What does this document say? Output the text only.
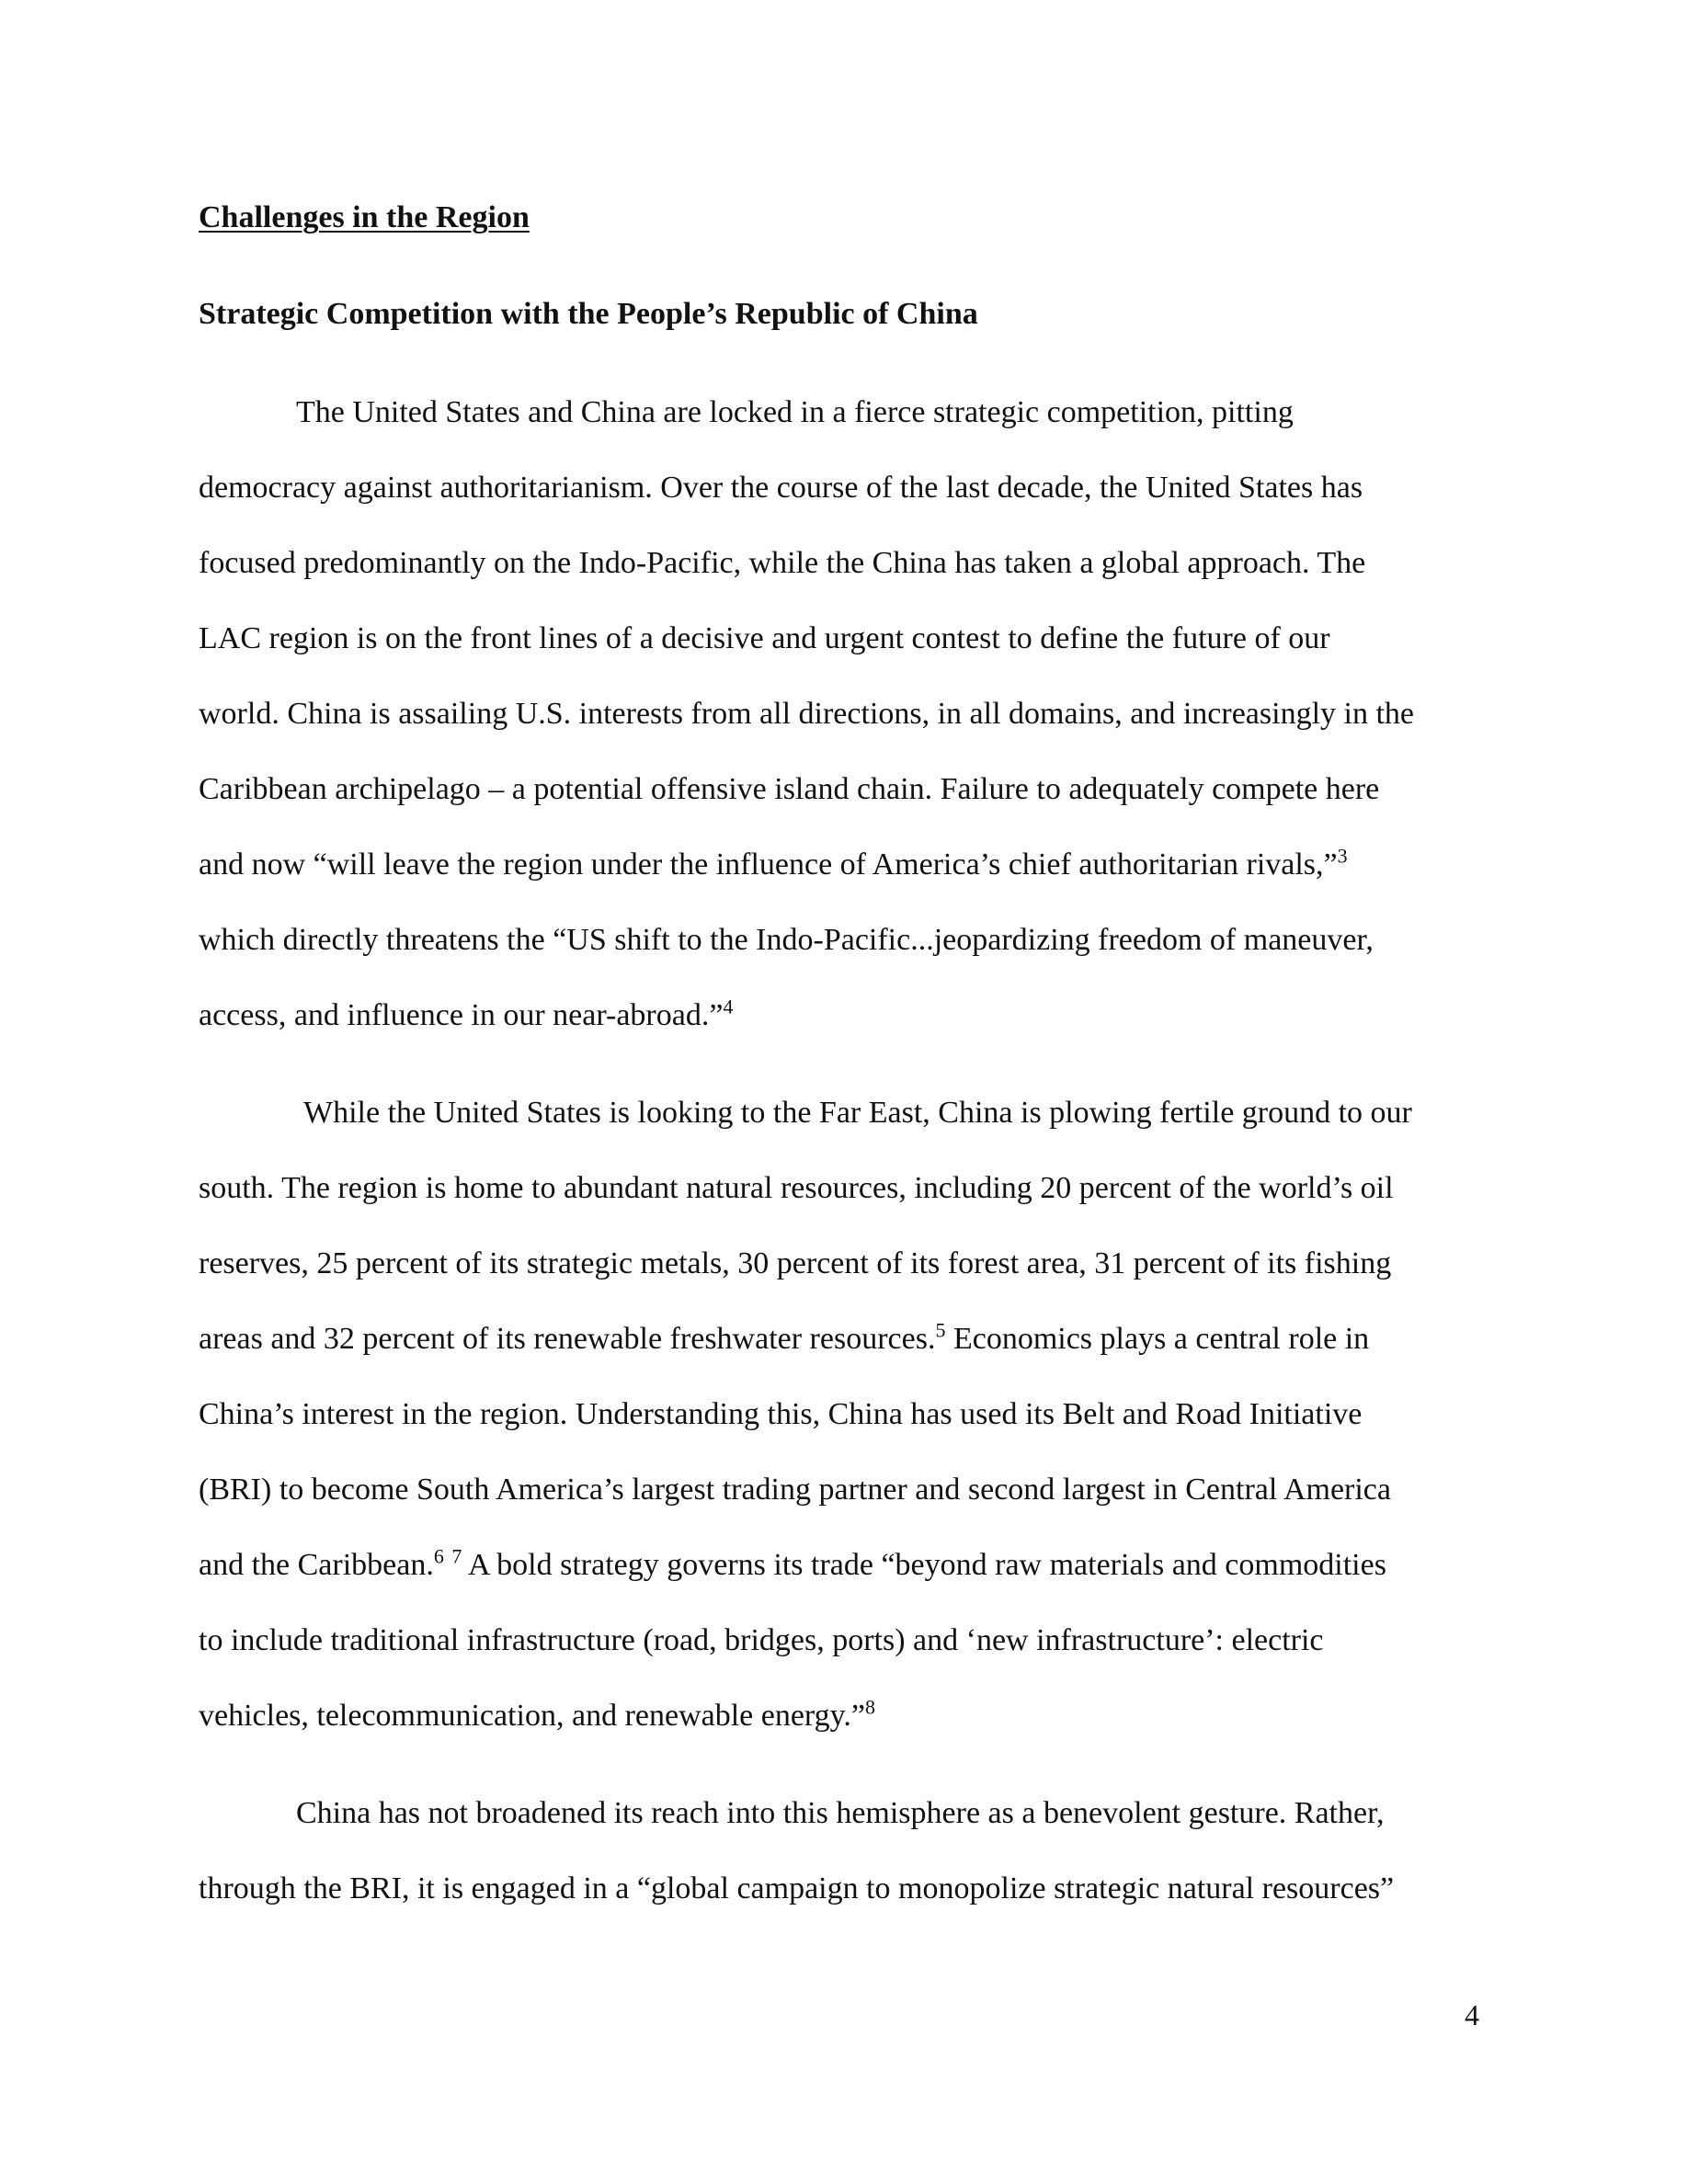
Challenges in the Region
Strategic Competition with the People’s Republic of China
The United States and China are locked in a fierce strategic competition, pitting
democracy against authoritarianism. Over the course of the last decade, the United States has
focused predominantly on the Indo-Pacific, while the China has taken a global approach. The
LAC region is on the front lines of a decisive and urgent contest to define the future of our
world. China is assailing U.S. interests from all directions, in all domains, and increasingly in the
Caribbean archipelago – a potential offensive island chain. Failure to adequately compete here
and now “will leave the region under the influence of America’s chief authoritarian rivals,”$^3$
which directly threatens the “US shift to the Indo-Pacific...jeopardizing freedom of maneuver,
access, and influence in our near-abroad.”$^4$
While the United States is looking to the Far East, China is plowing fertile ground to our
south. The region is home to abundant natural resources, including 20 percent of the world’s oil
reserves, 25 percent of its strategic metals, 30 percent of its forest area, 31 percent of its fishing
areas and 32 percent of its renewable freshwater resources.$^5$ Economics plays a central role in
China’s interest in the region. Understanding this, China has used its Belt and Road Initiative
(BRI) to become South America’s largest trading partner and second largest in Central America
and the Caribbean.$^6$ $^7$ A bold strategy governs its trade “beyond raw materials and commodities
to include traditional infrastructure (road, bridges, ports) and ‘new infrastructure’: electric
vehicles, telecommunication, and renewable energy.”$^8$
China has not broadened its reach into this hemisphere as a benevolent gesture. Rather,
through the BRI, it is engaged in a “global campaign to monopolize strategic natural resources”
4
